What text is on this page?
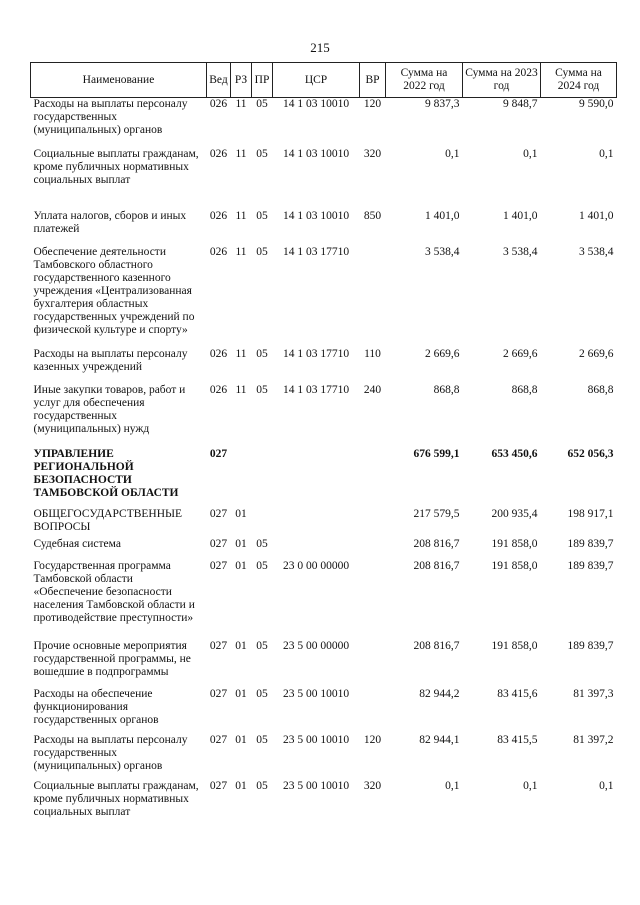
215
Наименование	Вед	РЗ	ПР	ЦСР	ВР	Сумма на 2022 год	Сумма на 2023 год	Сумма на 2024 год
Расходы на выплаты персоналу государственных (муниципальных) органов	026	11	05	14 1 03 10010	120	9 837,3	9 848,7	9 590,0

Социальные выплаты гражданам, кроме публичных нормативных социальных выплат	026	11	05	14 1 03 10010	320	0,1	0,1	0,1

Уплата налогов, сборов и иных платежей	026	11	05	14 1 03 10010	850	1 401,0	1 401,0	1 401,0

Обеспечение деятельности Тамбовского областного государственного казенного учреждения «Централизованная бухгалтерия областных государственных учреждений по физической культуре и спорту»	026	11	05	14 1 03 17710		3 538,4	3 538,4	3 538,4

Расходы на выплаты персоналу казенных учреждений	026	11	05	14 1 03 17710	110	2 669,6	2 669,6	2 669,6

Иные закупки товаров, работ и услуг для обеспечения государственных (муниципальных) нужд	026	11	05	14 1 03 17710	240	868,8	868,8	868,8

УПРАВЛЕНИЕ РЕГИОНАЛЬНОЙ БЕЗОПАСНОСТИ ТАМБОВСКОЙ ОБЛАСТИ	027					676 599,1	653 450,6	652 056,3

ОБЩЕГОСУДАРСТВЕННЫЕ ВОПРОСЫ	027	01				217 579,5	200 935,4	198 917,1

Судебная система	027	01	05			208 816,7	191 858,0	189 839,7

Государственная программа Тамбовской области «Обеспечение безопасности населения Тамбовской области и противодействие преступности»	027	01	05	23 0 00 00000		208 816,7	191 858,0	189 839,7

Прочие основные мероприятия государственной программы, не вошедшие в подпрограммы	027	01	05	23 5 00 00000		208 816,7	191 858,0	189 839,7

Расходы на обеспечение функционирования государственных органов	027	01	05	23 5 00 10010		82 944,2	83 415,6	81 397,3

Расходы на выплаты персоналу государственных (муниципальных) органов	027	01	05	23 5 00 10010	120	82 944,1	83 415,5	81 397,2

Социальные выплаты гражданам, кроме публичных нормативных социальных выплат	027	01	05	23 5 00 10010	320	0,1	0,1	0,1
